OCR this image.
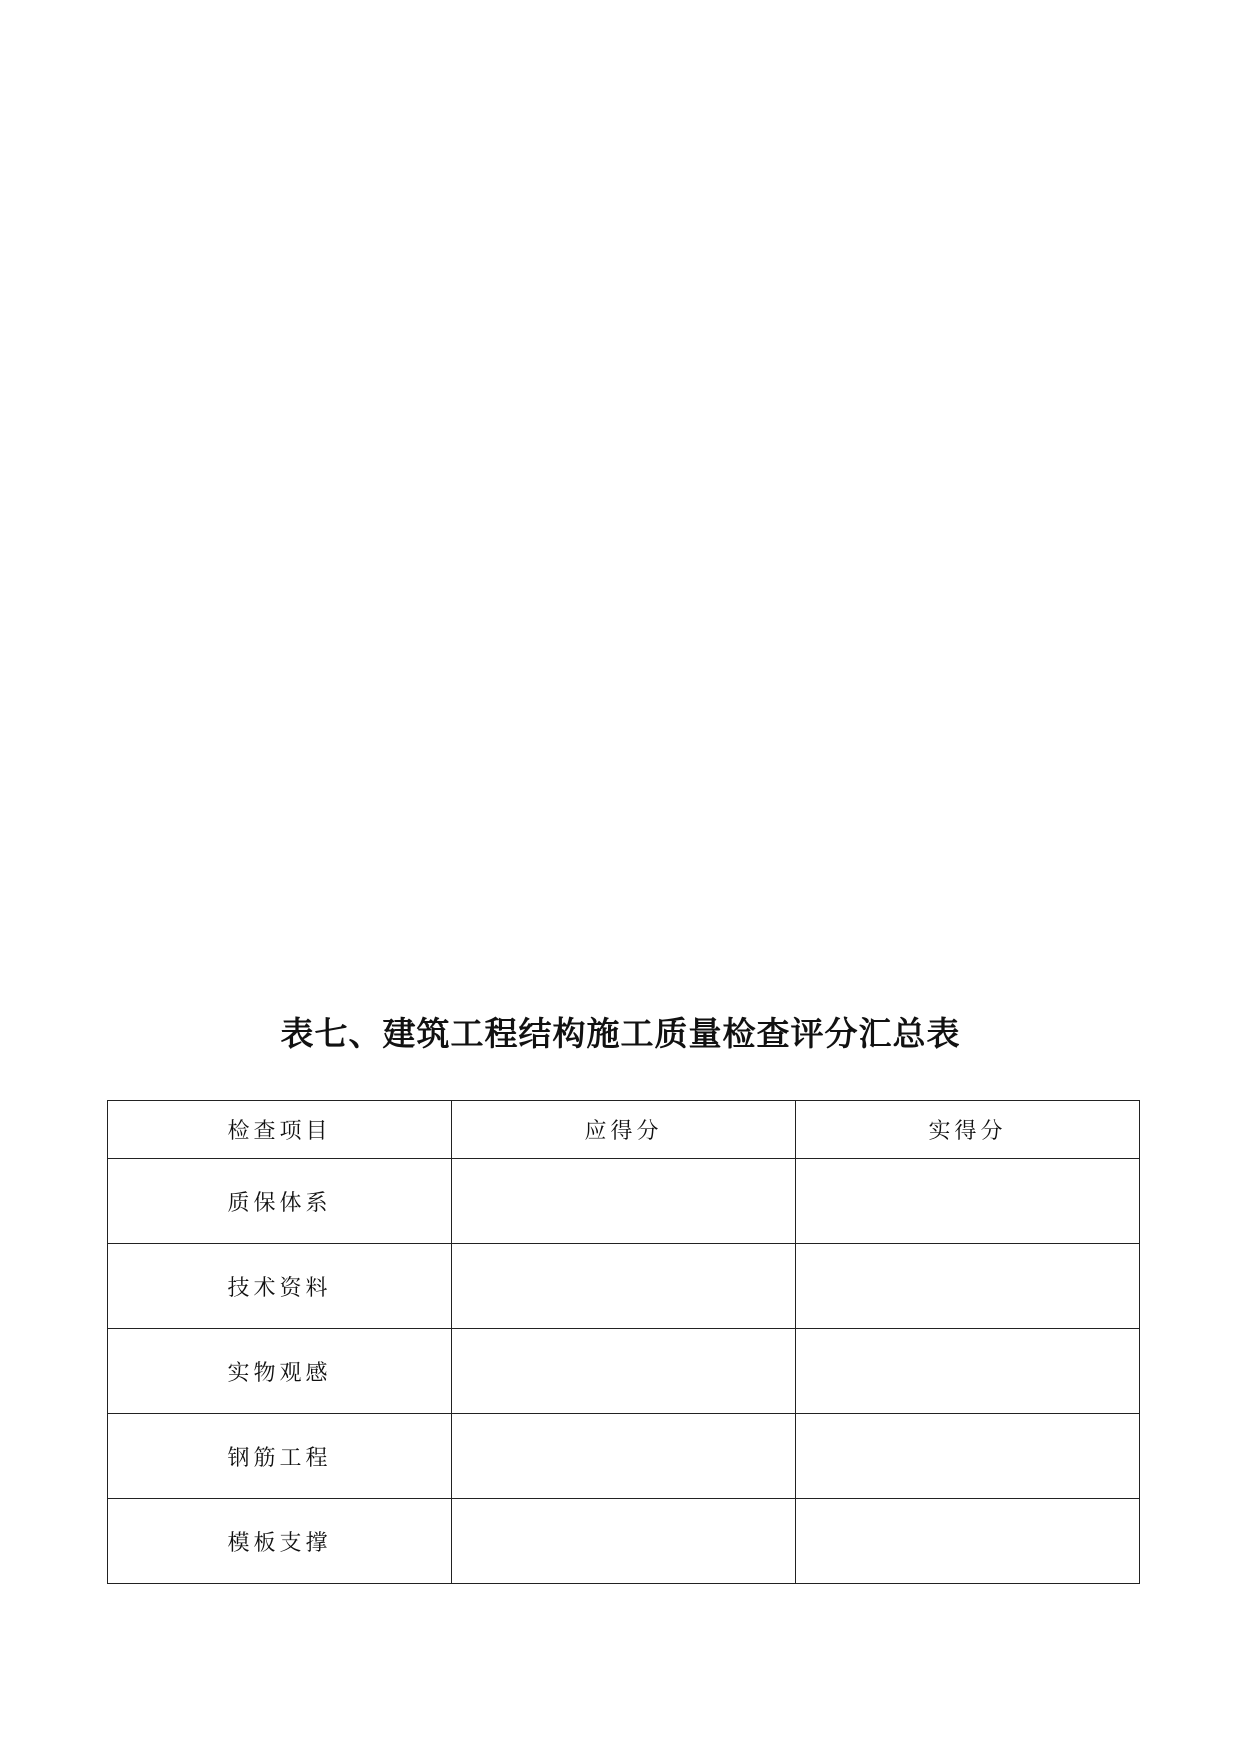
表七、建筑工程结构施工质量检查评分汇总表
检查项目	应得分	实得分
质保体系		
技术资料		
实物观感		
钢筋工程		
模板支撑		
